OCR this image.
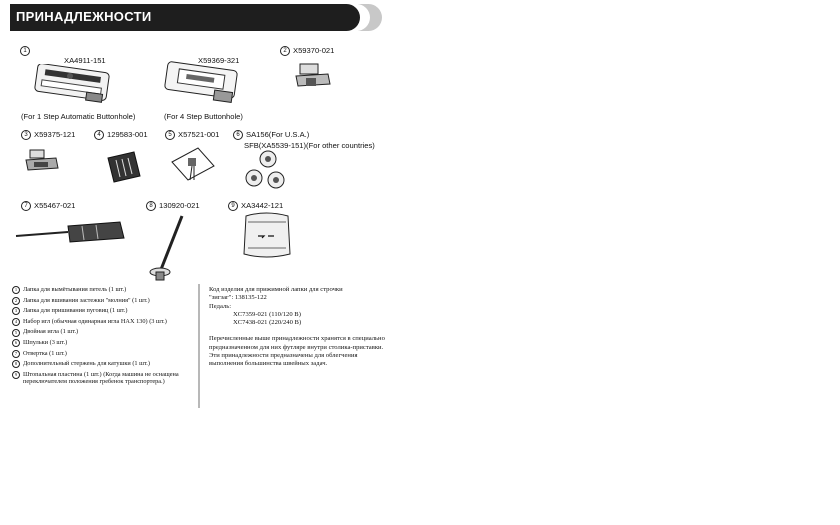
ПРИНАДЛЕЖНОСТИ
1
XA4911-151
(For 1 Step Automatic Buttonhole)
X59369-321
(For 4 Step Buttonhole)
2 X59370-021
3 X59375-121	4 129583-001	5 X57521-001	6 SA156(For U.S.A.)
SFB(XA5539-151)(For other countries)
7 X55467-021	8 130920-021	9 XA3442-121
1 Лапка для вымётывания петель (1 шт.)
2 Лапка для вшивания застежки "молния" (1 шт.)
3 Лапка для пришивания пуговиц (1 шт.)
4 Набор игл (обычная одинарная игла HAX 130) (3 шт.)
5 Двойная игла (1 шт.)
6 Шпульки (3 шт.)
7 Отвертка (1 шт.)
8 Дополнительный стержень для катушки (1 шт.)
9 Штопальная пластина (1 шт.) (Когда машина не оснащена переключателем положения гребенок транспортера.)

Код изделия для прижимной лапки для строчки

"зигзаг": 138135-122

Педаль:

XC7359-021 (110/120 В)

XC7438-021 (220/240 В)

Перечисленные выше принадлежности хранятся в специально предназначенном для них футляре внутри столика-приставки. Эти принадлежности предназначены для облегчения выполнения большинства швейных задач.
